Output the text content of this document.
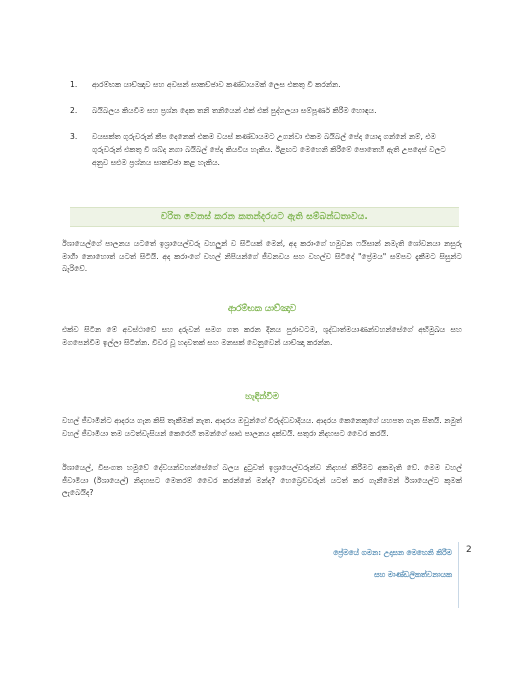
1.	ආරම්භක යාච්ඤාව සහ අවසන් සාකච්ඡාව කණ්ඩායමක් ලෙස එකතු වී කරන්න.
2.	බයිබලය කියවීම සහ ප්‍රශ්න දෙක තනි තනියෙන් එක් එක් පුද්ගලයා සම්පූර්ණ කිරීම හොඳය.
3.	වයසක්ත ගුරුවරුන් කීප දෙනෙක් එකම වයස් කණ්ඩායමට උගන්වා එකම බයිබල් පේද යොදා ගන්නේ නම්, එම ගුරුවරුන් එකතු වී ශබ්ද නගා බයිබල් පේද කියවිය හැකිය. ඊළඟට මෙහෙනි කිරීමේ පොතෙහි ඇති උපදෙස් වලට අනුව සළුම ප්‍රශ්නය සාකච්ඡා කළ හැකිය.
චරිත වෙනස් කරන කතන්දරයට ඇති සම්බන්ධතාවය.

ඊශායෙල්ගේ පාලනය යටතේ ඉශ්‍රායෙල්වරු වහලුන් ව සිටියක් මෙන්, අද කරාංගේ හමුවන ෆයිසාන් නමැති ශෝවනයා නසුරු මාගීා නොහොත් යටත් සිටියි. අද කරාංගේ වහල් නිපියන්ගේ ජීවනවය සහ වහල්ව සිටිදේ "ප්‍රේමය" සම්පව දැකීමට සිසුන්ට බැරිවේ.

ආරම්භක යාච්ඤාව

එක්ව සිටින මේ අවස්ථාවේ සහ දරුවන් සමග ගත කරන දිනය පුරාවටම, ශුද්ධාත්මයාණන්වහන්සේගේ අභිමුඛය සහ මගපෙන්වීම ඉල්ලා සිටින්න. විවර වූ හදවතක් සහ මනසක් වෙනුවෙන් යාච්ඤා කරන්න.

හැඳින්වීම

වහල් ජීවාමීන්ට ආදරය ගැන කිසි තැකීමක් නැත. ආදරය ඔවුන්ගේ විරුද්ධවාදියය. ආදරය කෙනෙකුගේ යහපත ගැන සිතයි. නමුත් වහල් ජීවාමීයා තම යටත්වැසියන් කෙරෙහි තමන්ගේ ඝෘඪ පාලනය දක්වයි. සතුරා නිදහසට වෛර කරයි.

ඊශායෙල්, විසංගත හමුවේ දේවයන්වහන්සේගේ බලය දුටුවත් ඉශ්‍රායෙල්වරුන්ව නිදහස් කිරීමට අකමැති වේ. මෙම වහල් ජීවාමීයා (ඊශායෙල්) නිදහසට මෙතරම් වෛර කරන්නේ මන්ද? හෙබ්‍රෙව්වරුන් යටත් කර ගැනීමෙන් ඊශායෙල්ට කුමක් ලැබෙයිද?

ප්‍රේමයේ ගමන: උදාසන මෙහෙනි කිරීම
සහ මාණ්ඩලිකත්වනායක
2
